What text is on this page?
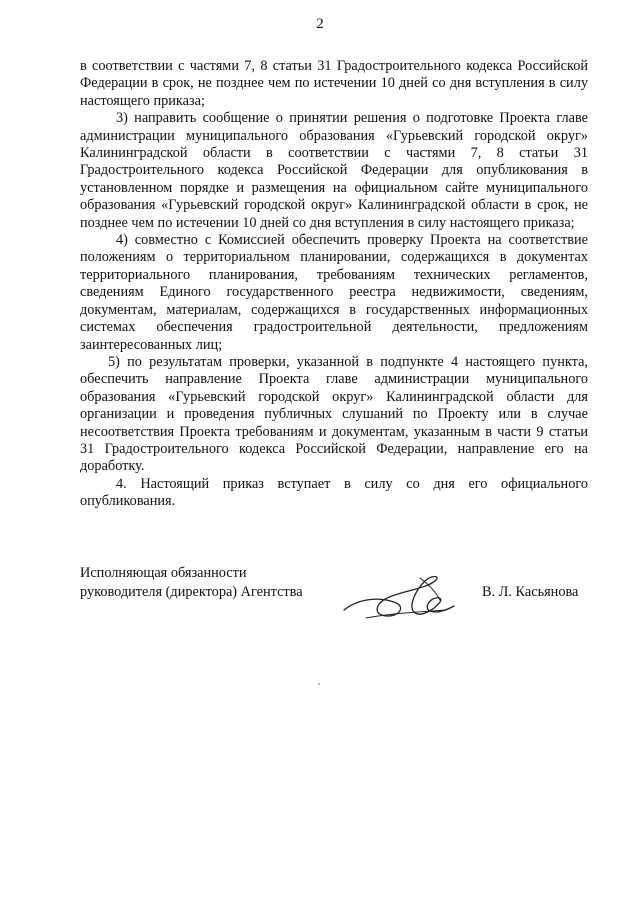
2

в соответствии с частями 7, 8 статьи 31 Градостроительного кодекса Российской Федерации в срок, не позднее чем по истечении 10 дней со дня вступления в силу настоящего приказа;

3) направить сообщение о принятии решения о подготовке Проекта главе администрации муниципального образования «Гурьевский городской округ» Калининградской области в соответствии с частями 7, 8 статьи 31 Градостроительного кодекса Российской Федерации для опубликования в установленном порядке и размещения на официальном сайте муниципального образования «Гурьевский городской округ» Калининградской области в срок, не позднее чем по истечении 10 дней со дня вступления в силу настоящего приказа;

4) совместно с Комиссией обеспечить проверку Проекта на соответствие положениям о территориальном планировании, содержащихся в документах территориального планирования, требованиям технических регламентов, сведениям Единого государственного реестра недвижимости, сведениям, документам, материалам, содержащихся в государственных информационных системах обеспечения градостроительной деятельности, предложениям заинтересованных лиц;

5) по результатам проверки, указанной в подпункте 4 настоящего пункта, обеспечить направление Проекта главе администрации муниципального образования «Гурьевский городской округ» Калининградской области для организации и проведения публичных слушаний по Проекту или в случае несоответствия Проекта требованиям и документам, указанным в части 9 статьи 31 Градостроительного кодекса Российской Федерации, направление его на доработку.

4. Настоящий приказ вступает в силу со дня его официального опубликования.

Исполняющая обязанности
руководителя (директора) Агентства	В. Л. Касьянова
